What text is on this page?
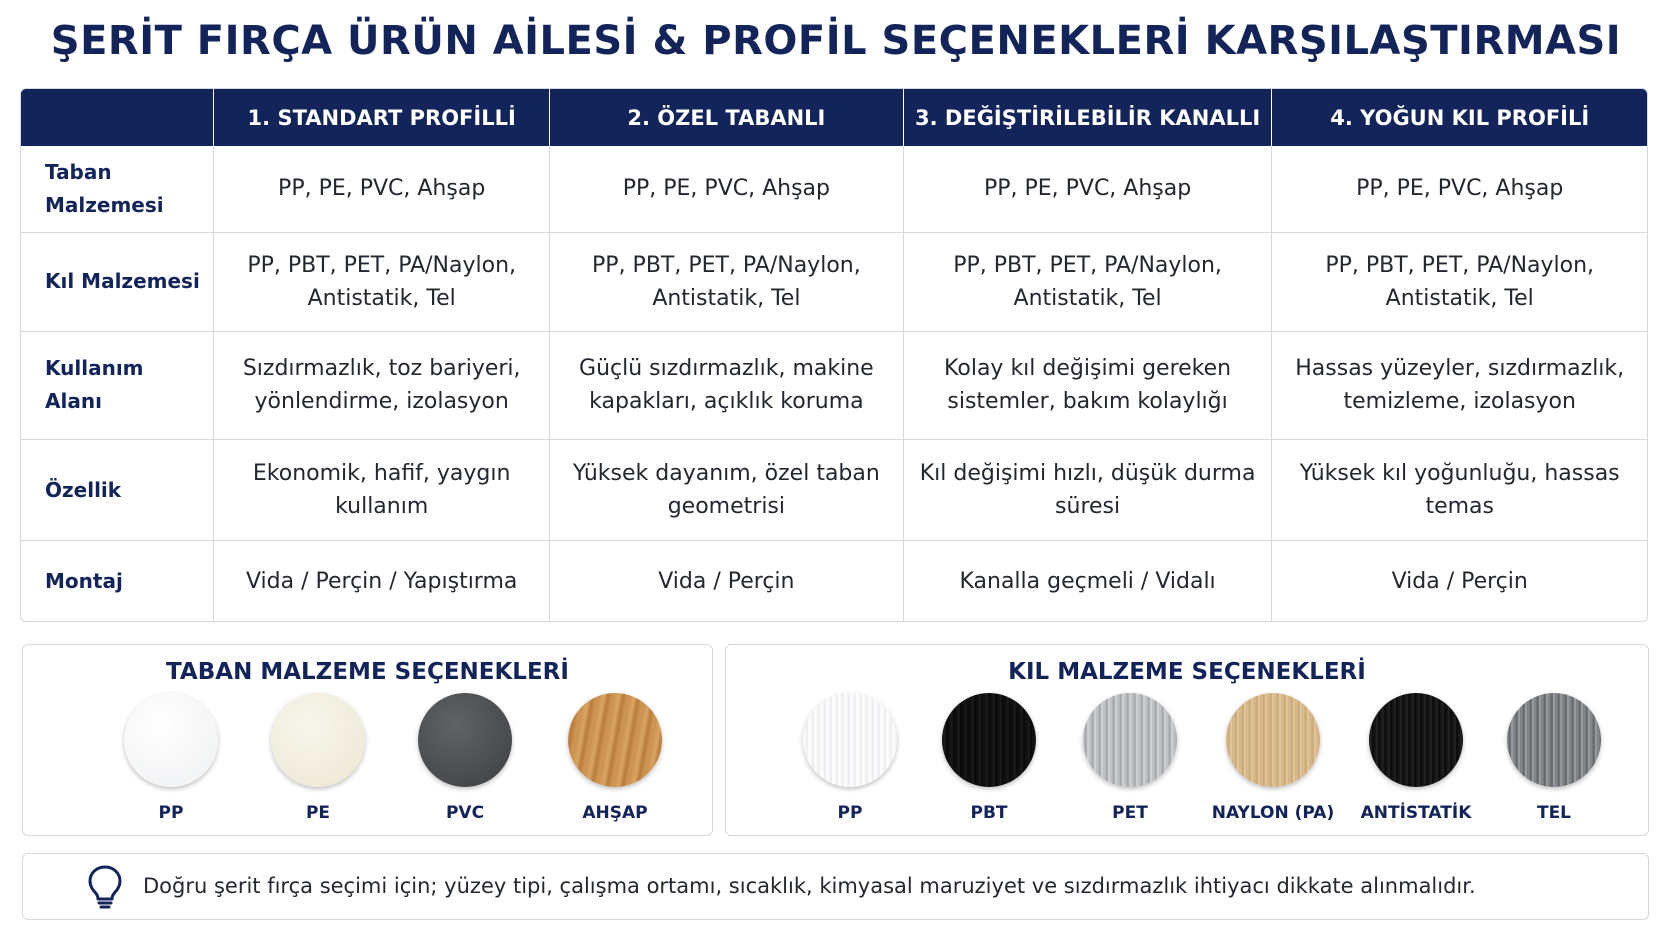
ŞERİT FIRÇA ÜRÜN AİLESİ & PROFİL SEÇENEKLERİ KARŞILAŞTIRMASI
	1. STANDART PROFİLLİ	2. ÖZEL TABANLI	3. DEĞİŞTİRİLEBİLİR KANALLI	4. YOĞUN KIL PROFİLİ
Taban Malzemesi	PP, PE, PVC, Ahşap	PP, PE, PVC, Ahşap	PP, PE, PVC, Ahşap	PP, PE, PVC, Ahşap
Kıl Malzemesi	PP, PBT, PET, PA/Naylon, Antistatik, Tel	PP, PBT, PET, PA/Naylon, Antistatik, Tel	PP, PBT, PET, PA/Naylon, Antistatik, Tel	PP, PBT, PET, PA/Naylon, Antistatik, Tel
Kullanım Alanı	Sızdırmazlık, toz bariyeri, yönlendirme, izolasyon	Güçlü sızdırmazlık, makine kapakları, açıklık koruma	Kolay kıl değişimi gereken sistemler, bakım kolaylığı	Hassas yüzeyler, sızdırmazlık, temizleme, izolasyon
Özellik	Ekonomik, hafif, yaygın kullanım	Yüksek dayanım, özel taban geometrisi	Kıl değişimi hızlı, düşük durma süresi	Yüksek kıl yoğunluğu, hassas temas
Montaj	Vida / Perçin / Yapıştırma	Vida / Perçin	Kanalla geçmeli / Vidalı	Vida / Perçin
TABAN MALZEME SEÇENEKLERİ
PP	PE	PVC	AHŞAP
KIL MALZEME SEÇENEKLERİ
PP	PBT	PET	NAYLON (PA)	ANTİSTATİK	TEL
Doğru şerit fırça seçimi için; yüzey tipi, çalışma ortamı, sıcaklık, kimyasal maruziyet ve sızdırmazlık ihtiyacı dikkate alınmalıdır.
